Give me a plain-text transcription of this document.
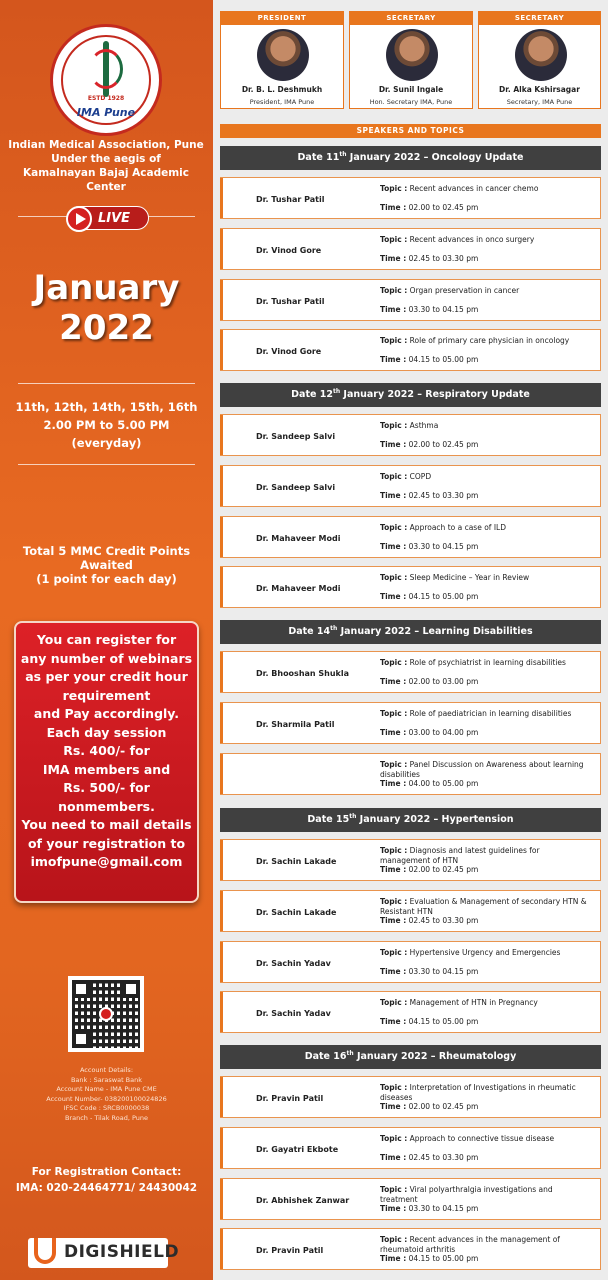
ESTD 1928
IMA Pune
Indian Medical Association, Pune
Under the aegis of
Kamalnayan Bajaj Academic Center
LIVE
January
2022
11th, 12th, 14th, 15th, 16th
2.00 PM to 5.00 PM
(everyday)
Total 5 MMC Credit Points
Awaited
(1 point for each day)
You can register for
any number of webinars
as per your credit hour
requirement
and Pay accordingly.
Each day session
Rs. 400/- for
IMA members and
Rs. 500/- for
nonmembers.
You need to mail details
of your registration to
imofpune@gmail.com
Account Details:
Bank : Saraswat Bank
Account Name - IMA Pune CME
Account Number- 038200100024826
IFSC Code : SRCB0000038
Branch - Tilak Road, Pune
For Registration Contact:
IMA: 020-24464771/ 24430042
DIGISHIELD
PRESIDENT
Dr. B. L. Deshmukh
President, IMA Pune
SECRETARY
Dr. Sunil Ingale
Hon. Secretary IMA, Pune
SECRETARY
Dr. Alka Kshirsagar
Secretary, IMA Pune
SPEAKERS AND TOPICS
Date 11th January 2022 – Oncology Update
Dr. Tushar Patil
Topic : Recent advances in cancer chemo
Time : 02.00 to 02.45 pm
Dr. Vinod Gore
Topic : Recent advances in onco surgery
Time : 02.45 to 03.30 pm
Dr. Tushar Patil
Topic : Organ preservation in cancer
Time : 03.30 to 04.15 pm
Dr. Vinod Gore
Topic : Role of primary care physician in oncology
Time : 04.15 to 05.00 pm
Date 12th January 2022 – Respiratory Update
Dr. Sandeep Salvi
Topic : Asthma
Time : 02.00 to 02.45 pm
Dr. Sandeep Salvi
Topic : COPD
Time : 02.45 to 03.30 pm
Dr. Mahaveer Modi
Topic : Approach to a case of ILD
Time : 03.30 to 04.15 pm
Dr. Mahaveer Modi
Topic : Sleep Medicine – Year in Review
Time : 04.15 to 05.00 pm
Date 14th January 2022 – Learning Disabilities
Dr. Bhooshan Shukla
Topic : Role of psychiatrist in learning disabilities
Time : 02.00 to 03.00 pm
Dr. Sharmila Patil
Topic : Role of paediatrician in learning disabilities
Time : 03.00 to 04.00 pm
Topic : Panel Discussion on Awareness about learning disabilities
Time : 04.00 to 05.00 pm
Date 15th January 2022 – Hypertension
Dr. Sachin Lakade
Topic : Diagnosis and latest guidelines for management of HTN
Time : 02.00 to 02.45 pm
Dr. Sachin Lakade
Topic : Evaluation & Management of secondary HTN & Resistant HTN
Time : 02.45 to 03.30 pm
Dr. Sachin Yadav
Topic : Hypertensive Urgency and Emergencies
Time : 03.30 to 04.15 pm
Dr. Sachin Yadav
Topic : Management of HTN in Pregnancy
Time : 04.15 to 05.00 pm
Date 16th January 2022 – Rheumatology
Dr. Pravin Patil
Topic : Interpretation of Investigations in rheumatic diseases
Time : 02.00 to 02.45 pm
Dr. Gayatri Ekbote
Topic : Approach to connective tissue disease
Time : 02.45 to 03.30 pm
Dr. Abhishek Zanwar
Topic : Viral polyarthralgia investigations and treatment
Time : 03.30 to 04.15 pm
Dr. Pravin Patil
Topic : Recent advances in the management of rheumatoid arthritis
Time : 04.15 to 05.00 pm
